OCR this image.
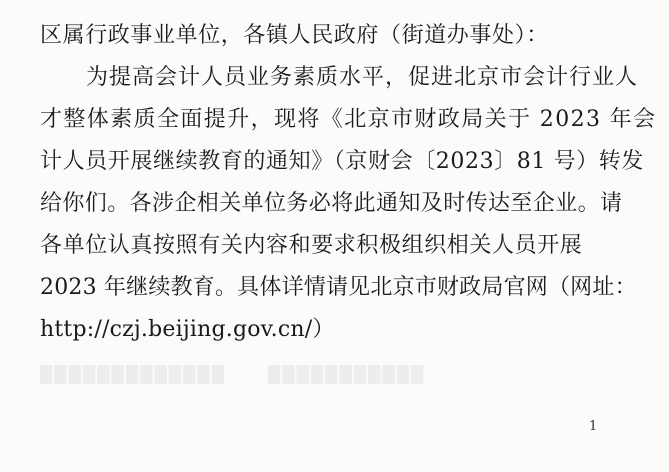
区属行政事业单位，各镇人民政府（街道办事处）：
为提高会计人员业务素质水平，促进北京市会计行业人
才整体素质全面提升，现将《北京市财政局关于 2023 年会
计人员开展继续教育的通知》（京财会〔2023〕81 号）转发
给你们。各涉企相关单位务必将此通知及时传达至企业。请
各单位认真按照有关内容和要求积极组织相关人员开展
2023 年继续教育。具体详情请见北京市财政局官网（网址：
http://czj.beijing.gov.cn/）
█████████████	███████████
1
